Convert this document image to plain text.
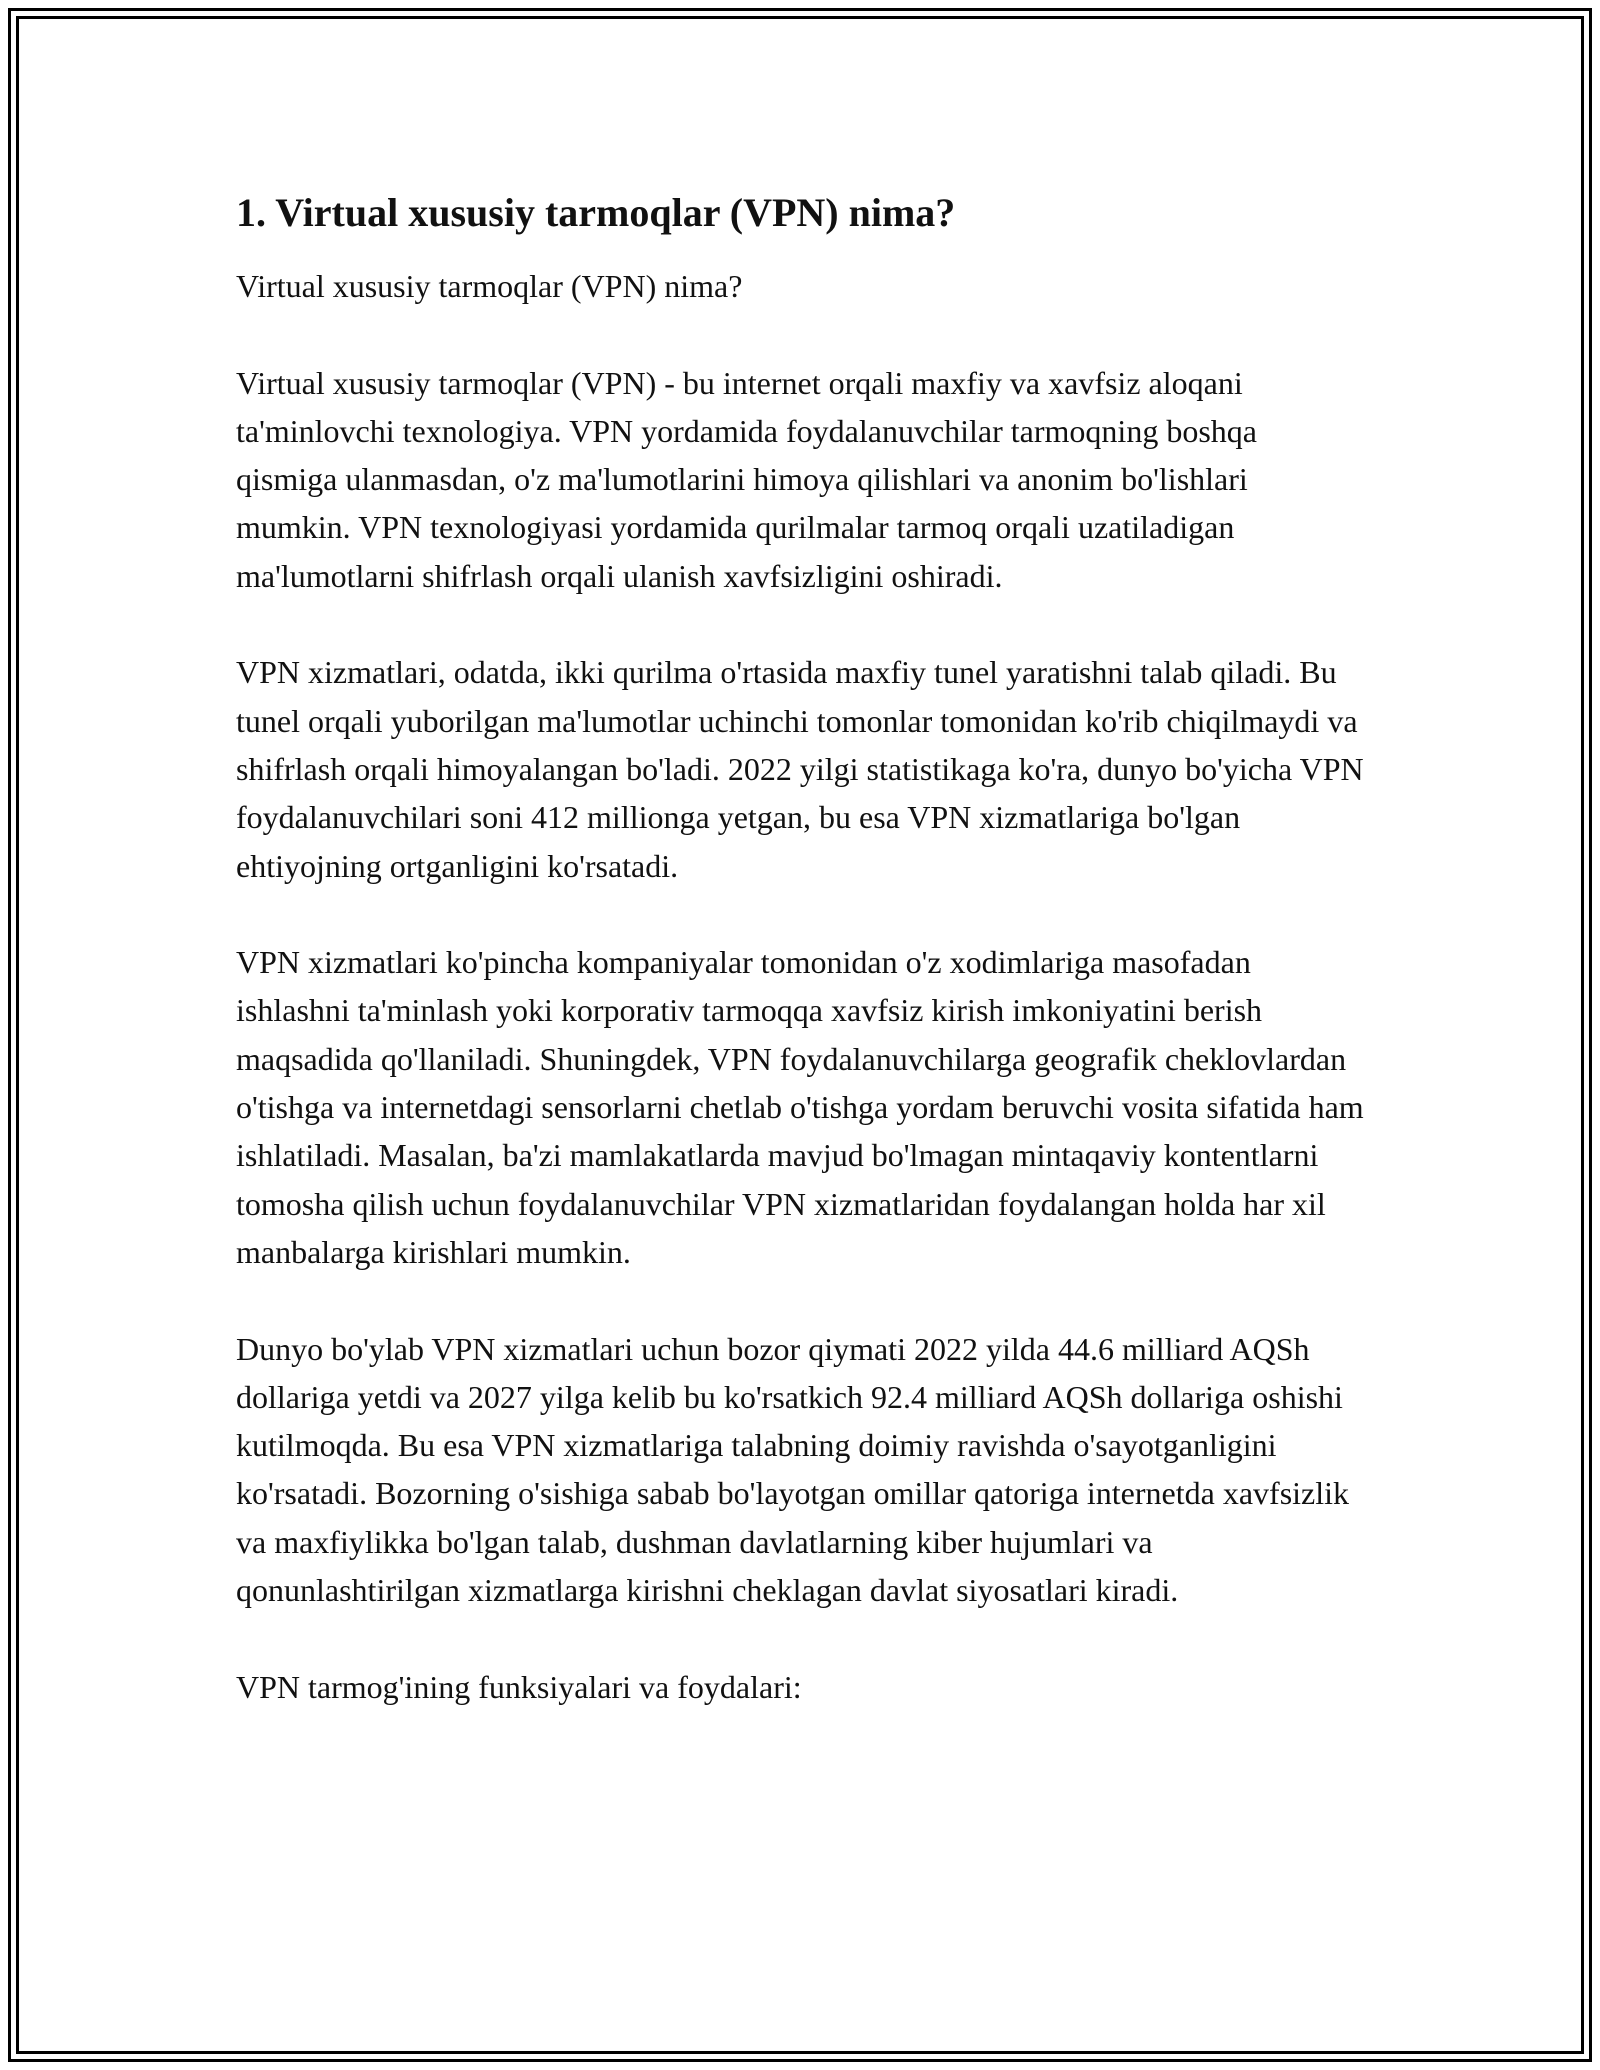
1. Virtual xususiy tarmoqlar (VPN) nima?

Virtual xususiy tarmoqlar (VPN) nima?

Virtual xususiy tarmoqlar (VPN) - bu internet orqali maxfiy va xavfsiz aloqani ta'minlovchi texnologiya. VPN yordamida foydalanuvchilar tarmoqning boshqa qismiga ulanmasdan, o'z ma'lumotlarini himoya qilishlari va anonim bo'lishlari mumkin. VPN texnologiyasi yordamida qurilmalar tarmoq orqali uzatiladigan ma'lumotlarni shifrlash orqali ulanish xavfsizligini oshiradi.

VPN xizmatlari, odatda, ikki qurilma o'rtasida maxfiy tunel yaratishni talab qiladi. Bu tunel orqali yuborilgan ma'lumotlar uchinchi tomonlar tomonidan ko'rib chiqilmaydi va shifrlash orqali himoyalangan bo'ladi. 2022 yilgi statistikaga ko'ra, dunyo bo'yicha VPN foydalanuvchilari soni 412 millionga yetgan, bu esa VPN xizmatlariga bo'lgan ehtiyojning ortganligini ko'rsatadi.

VPN xizmatlari ko'pincha kompaniyalar tomonidan o'z xodimlariga masofadan ishlashni ta'minlash yoki korporativ tarmoqqa xavfsiz kirish imkoniyatini berish maqsadida qo'llaniladi. Shuningdek, VPN foydalanuvchilarga geografik cheklovlardan o'tishga va internetdagi sensorlarni chetlab o'tishga yordam beruvchi vosita sifatida ham ishlatiladi. Masalan, ba'zi mamlakatlarda mavjud bo'lmagan mintaqaviy kontentlarni tomosha qilish uchun foydalanuvchilar VPN xizmatlaridan foydalangan holda har xil manbalarga kirishlari mumkin.

Dunyo bo'ylab VPN xizmatlari uchun bozor qiymati 2022 yilda 44.6 milliard AQSh dollariga yetdi va 2027 yilga kelib bu ko'rsatkich 92.4 milliard AQSh dollariga oshishi kutilmoqda. Bu esa VPN xizmatlariga talabning doimiy ravishda o'sayotganligini ko'rsatadi. Bozorning o'sishiga sabab bo'layotgan omillar qatoriga internetda xavfsizlik va maxfiylikka bo'lgan talab, dushman davlatlarning kiber hujumlari va qonunlashtirilgan xizmatlarga kirishni cheklagan davlat siyosatlari kiradi.

VPN tarmog'ining funksiyalari va foydalari:
